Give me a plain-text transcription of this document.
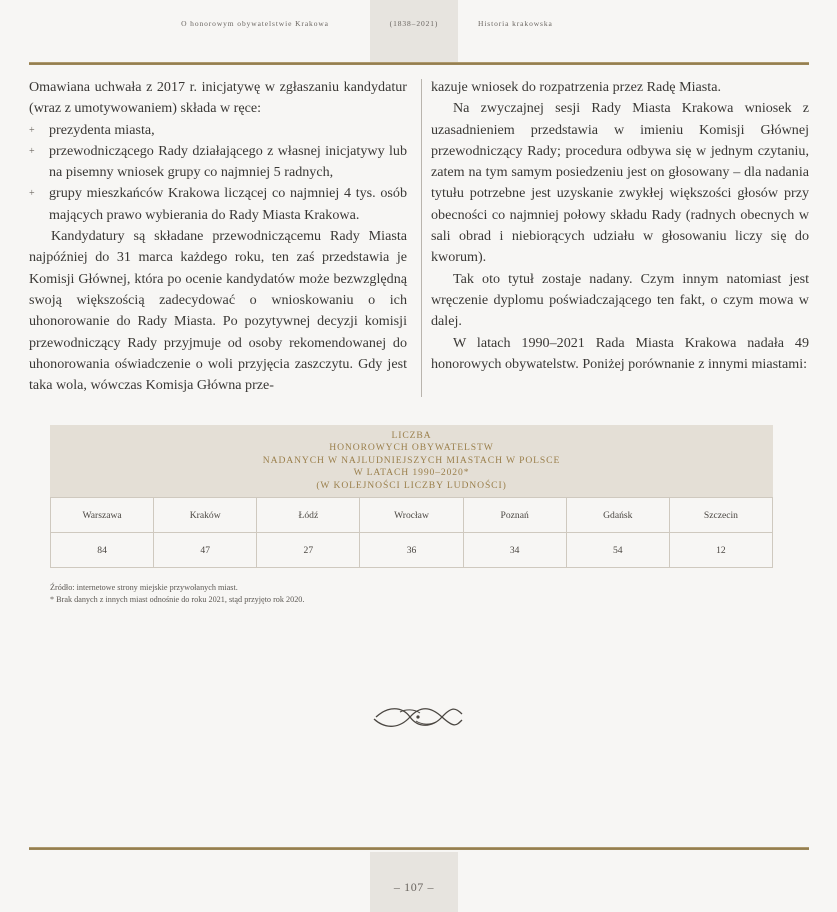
O honorowym obywatelstwie Krakowa	(1838–2021)	Historia krakowska

Omawiana uchwała z 2017 r. inicjatywę w zgłaszaniu kandydatur (wraz z umotywowaniem) składa w ręce:

+ prezydenta miasta,
+ przewodniczącego Rady działającego z własnej inicjatywy lub na pisemny wniosek grupy co najmniej 5 radnych,
+ grupy mieszkańców Krakowa liczącej co najmniej 4 tys. osób mających prawo wybierania do Rady Miasta Krakowa.

Kandydatury są składane przewodniczącemu Rady Miasta najpóźniej do 31 marca każdego roku, ten zaś przedstawia je Komisji Głównej, która po ocenie kandydatów może bezwzględną swoją większością zadecydować o wnioskowaniu o ich uhonorowanie do Rady Miasta. Po pozytywnej decyzji komisji przewodniczący Rady przyjmuje od osoby rekomendowanej do uhonorowania oświadczenie o woli przyjęcia zaszczytu. Gdy jest taka wola, wówczas Komisja Główna prze-

kazuje wniosek do rozpatrzenia przez Radę Miasta.

Na zwyczajnej sesji Rady Miasta Krakowa wniosek z uzasadnieniem przedstawia w imieniu Komisji Głównej przewodniczący Rady; procedura odbywa się w jednym czytaniu, zatem na tym samym posiedzeniu jest on głosowany – dla nadania tytułu potrzebne jest uzyskanie zwykłej większości głosów przy obecności co najmniej połowy składu Rady (radnych obecnych w sali obrad i niebiorących udziału w głosowaniu liczy się do kworum).

Tak oto tytuł zostaje nadany. Czym innym natomiast jest wręczenie dyplomu poświadczającego ten fakt, o czym mowa w dalej.

W latach 1990–2021 Rada Miasta Krakowa nadała 49 honorowych obywatelstw. Poniżej porównanie z innymi miastami:

LICZBA
HONOROWYCH OBYWATELSTW
NADANYCH W NAJLUDNIEJSZYCH MIASTACH W POLSCE
W LATACH 1990–2020*
(W KOLEJNOŚCI LICZBY LUDNOŚCI)
Warszawa	Kraków	Łódź	Wrocław	Poznań	Gdańsk	Szczecin
84	47	27	36	34	54	12
Źródło: internetowe strony miejskie przywołanych miast.
* Brak danych z innych miast odnośnie do roku 2021, stąd przyjęto rok 2020.
– 107 –
